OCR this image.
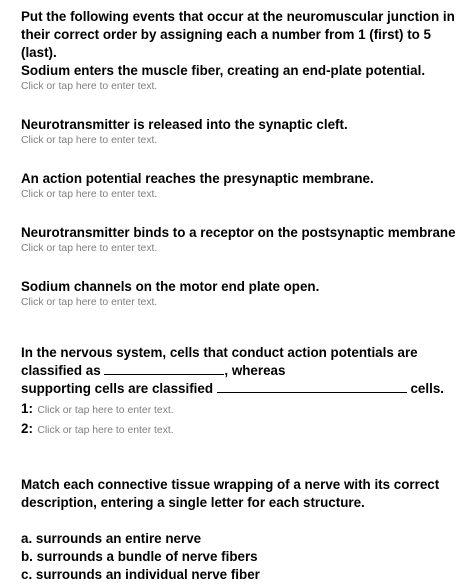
Put the following events that occur at the neuromuscular junction in their correct order by assigning each a number from 1 (first) to 5 (last).
Sodium enters the muscle fiber, creating an end-plate potential.
Click or tap here to enter text.
Neurotransmitter is released into the synaptic cleft.
Click or tap here to enter text.
An action potential reaches the presynaptic membrane.
Click or tap here to enter text.
Neurotransmitter binds to a receptor on the postsynaptic membrane
Click or tap here to enter text.
Sodium channels on the motor end plate open.
Click or tap here to enter text.
In the nervous system, cells that conduct action potentials are
classified as	, whereas
supporting cells are classified	cells.
1: Click or tap here to enter text.
2: Click or tap here to enter text.
Match each connective tissue wrapping of a nerve with its correct description, entering a single letter for each structure.
a. surrounds an entire nerve
b. surrounds a bundle of nerve fibers
c. surrounds an individual nerve fiber
